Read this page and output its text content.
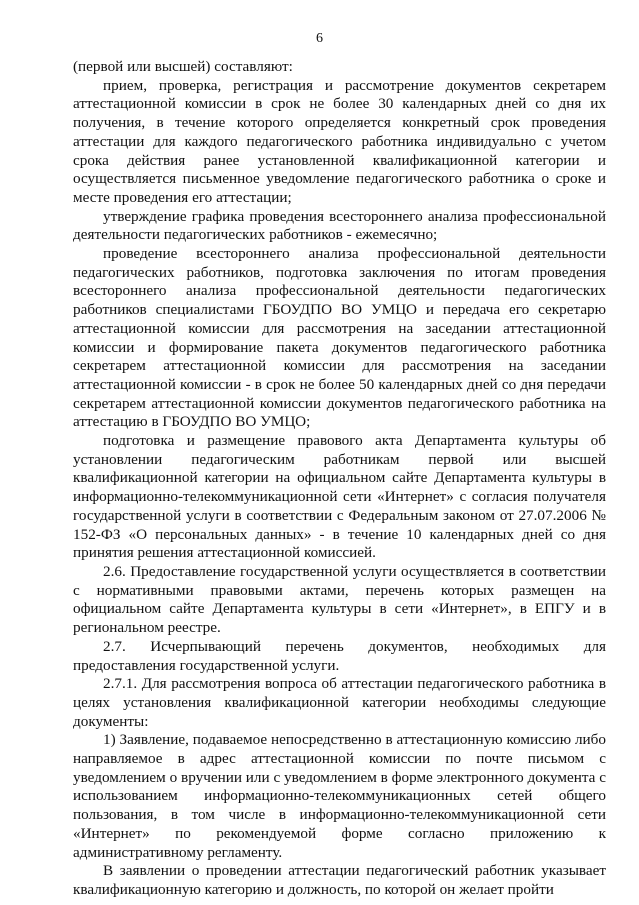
6

(первой или высшей) составляют:

прием, проверка, регистрация и рассмотрение документов секретарем аттестационной комиссии в срок не более 30 календарных дней со дня их получения, в течение которого определяется конкретный срок проведения аттестации для каждого педагогического работника индивидуально с учетом срока действия ранее установленной квалификационной категории и осуществляется письменное уведомление педагогического работника о сроке и месте проведения его аттестации;

утверждение графика проведения всестороннего анализа профессиональной деятельности педагогических работников - ежемесячно;

проведение всестороннего анализа профессиональной деятельности педагогических работников, подготовка заключения по итогам проведения всестороннего анализа профессиональной деятельности педагогических работников специалистами ГБОУДПО ВО УМЦО и передача его секретарю аттестационной комиссии для рассмотрения на заседании аттестационной комиссии и формирование пакета документов педагогического работника секретарем аттестационной комиссии для рассмотрения на заседании аттестационной комиссии - в срок не более 50 календарных дней со дня передачи секретарем аттестационной комиссии документов педагогического работника на аттестацию в ГБОУДПО ВО УМЦО;

подготовка и размещение правового акта Департамента культуры об установлении педагогическим работникам первой или высшей квалификационной категории на официальном сайте Департамента культуры в информационно-телекоммуникационной сети «Интернет» с согласия получателя государственной услуги в соответствии с Федеральным законом от 27.07.2006 № 152-ФЗ «О персональных данных» - в течение 10 календарных дней со дня принятия решения аттестационной комиссией.

2.6. Предоставление государственной услуги осуществляется в соответствии с нормативными правовыми актами, перечень которых размещен на официальном сайте Департамента культуры в сети «Интернет», в ЕПГУ и в региональном реестре.

2.7. Исчерпывающий перечень документов, необходимых для предоставления государственной услуги.

2.7.1. Для рассмотрения вопроса об аттестации педагогического работника в целях установления квалификационной категории необходимы следующие документы:

1) Заявление, подаваемое непосредственно в аттестационную комиссию либо направляемое в адрес аттестационной комиссии по почте письмом с уведомлением о вручении или с уведомлением в форме электронного документа с использованием информационно-телекоммуникационных сетей общего пользования, в том числе в информационно-телекоммуникационной сети «Интернет» по рекомендуемой форме согласно приложению к административному регламенту.

В заявлении о проведении аттестации педагогический работник указывает квалификационную категорию и должность, по которой он желает пройти
